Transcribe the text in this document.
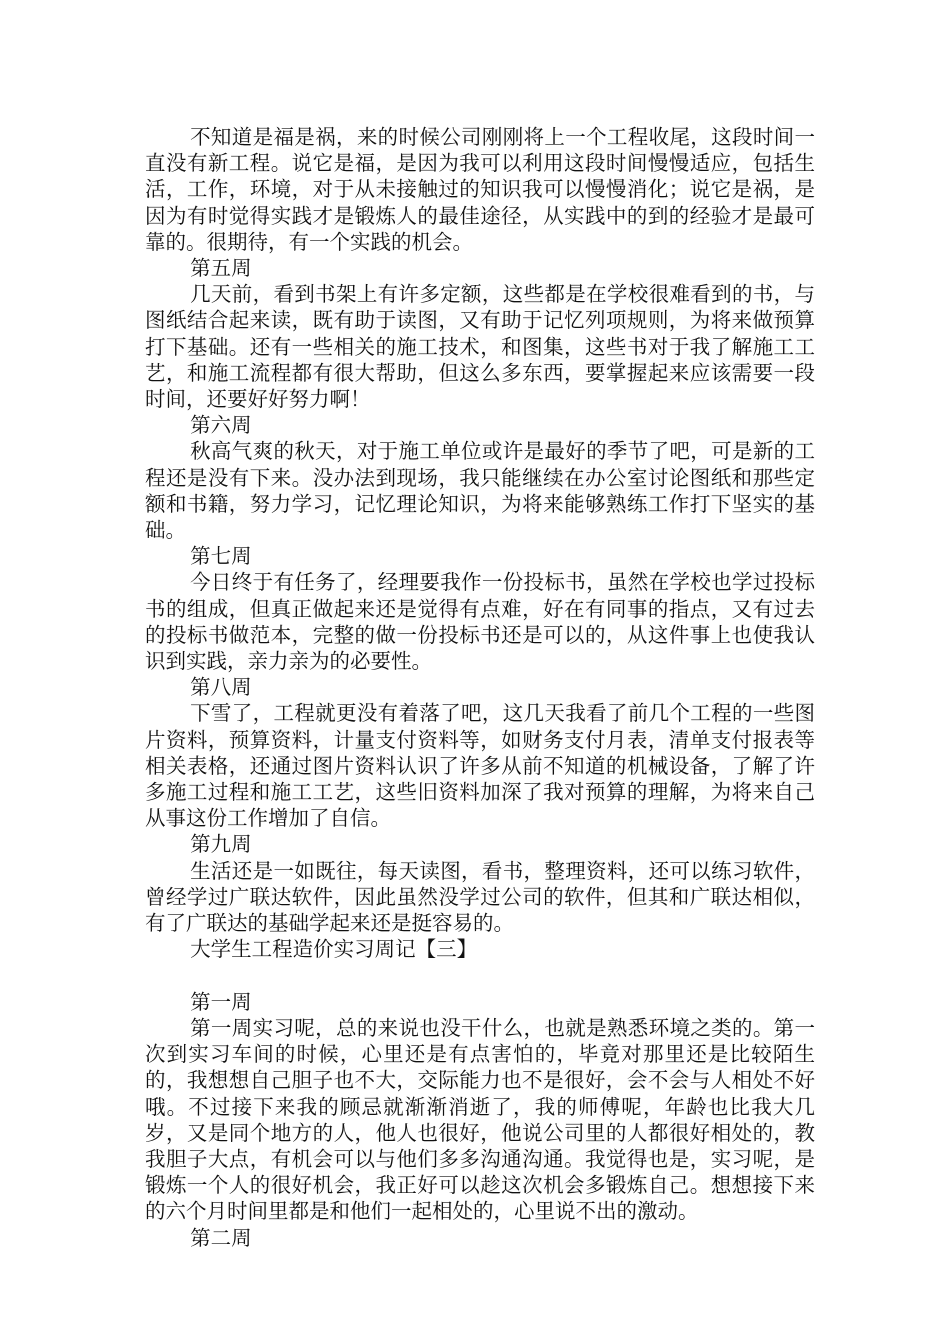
不知道是福是祸，来的时候公司刚刚将上一个工程收尾，这段时间一直没有新工程。说它是福，是因为我可以利用这段时间慢慢适应，包括生活，工作，环境，对于从未接触过的知识我可以慢慢消化；说它是祸，是因为有时觉得实践才是锻炼人的最佳途径，从实践中的到的经验才是最可靠的。很期待，有一个实践的机会。

第五周

几天前，看到书架上有许多定额，这些都是在学校很难看到的书，与图纸结合起来读，既有助于读图，又有助于记忆列项规则，为将来做预算打下基础。还有一些相关的施工技术，和图集，这些书对于我了解施工工艺，和施工流程都有很大帮助，但这么多东西，要掌握起来应该需要一段时间，还要好好努力啊！

第六周

秋高气爽的秋天，对于施工单位或许是最好的季节了吧，可是新的工程还是没有下来。没办法到现场，我只能继续在办公室讨论图纸和那些定额和书籍，努力学习，记忆理论知识，为将来能够熟练工作打下坚实的基础。

第七周

今日终于有任务了，经理要我作一份投标书，虽然在学校也学过投标书的组成，但真正做起来还是觉得有点难，好在有同事的指点，又有过去的投标书做范本，完整的做一份投标书还是可以的，从这件事上也使我认识到实践，亲力亲为的必要性。

第八周

下雪了，工程就更没有着落了吧，这几天我看了前几个工程的一些图片资料，预算资料，计量支付资料等，如财务支付月表，清单支付报表等相关表格，还通过图片资料认识了许多从前不知道的机械设备，了解了许多施工过程和施工工艺，这些旧资料加深了我对预算的理解，为将来自己从事这份工作增加了自信。

第九周

生活还是一如既往，每天读图，看书，整理资料，还可以练习软件，曾经学过广联达软件，因此虽然没学过公司的软件，但其和广联达相似，有了广联达的基础学起来还是挺容易的。

大学生工程造价实习周记【三】

第一周

第一周实习呢，总的来说也没干什么，也就是熟悉环境之类的。第一次到实习车间的时候，心里还是有点害怕的，毕竟对那里还是比较陌生的，我想想自己胆子也不大，交际能力也不是很好，会不会与人相处不好哦。不过接下来我的顾忌就渐渐消逝了，我的师傅呢，年龄也比我大几岁，又是同个地方的人，他人也很好，他说公司里的人都很好相处的，教我胆子大点，有机会可以与他们多多沟通沟通。我觉得也是，实习呢，是锻炼一个人的很好机会，我正好可以趁这次机会多锻炼自己。想想接下来的六个月时间里都是和他们一起相处的，心里说不出的激动。

第二周
